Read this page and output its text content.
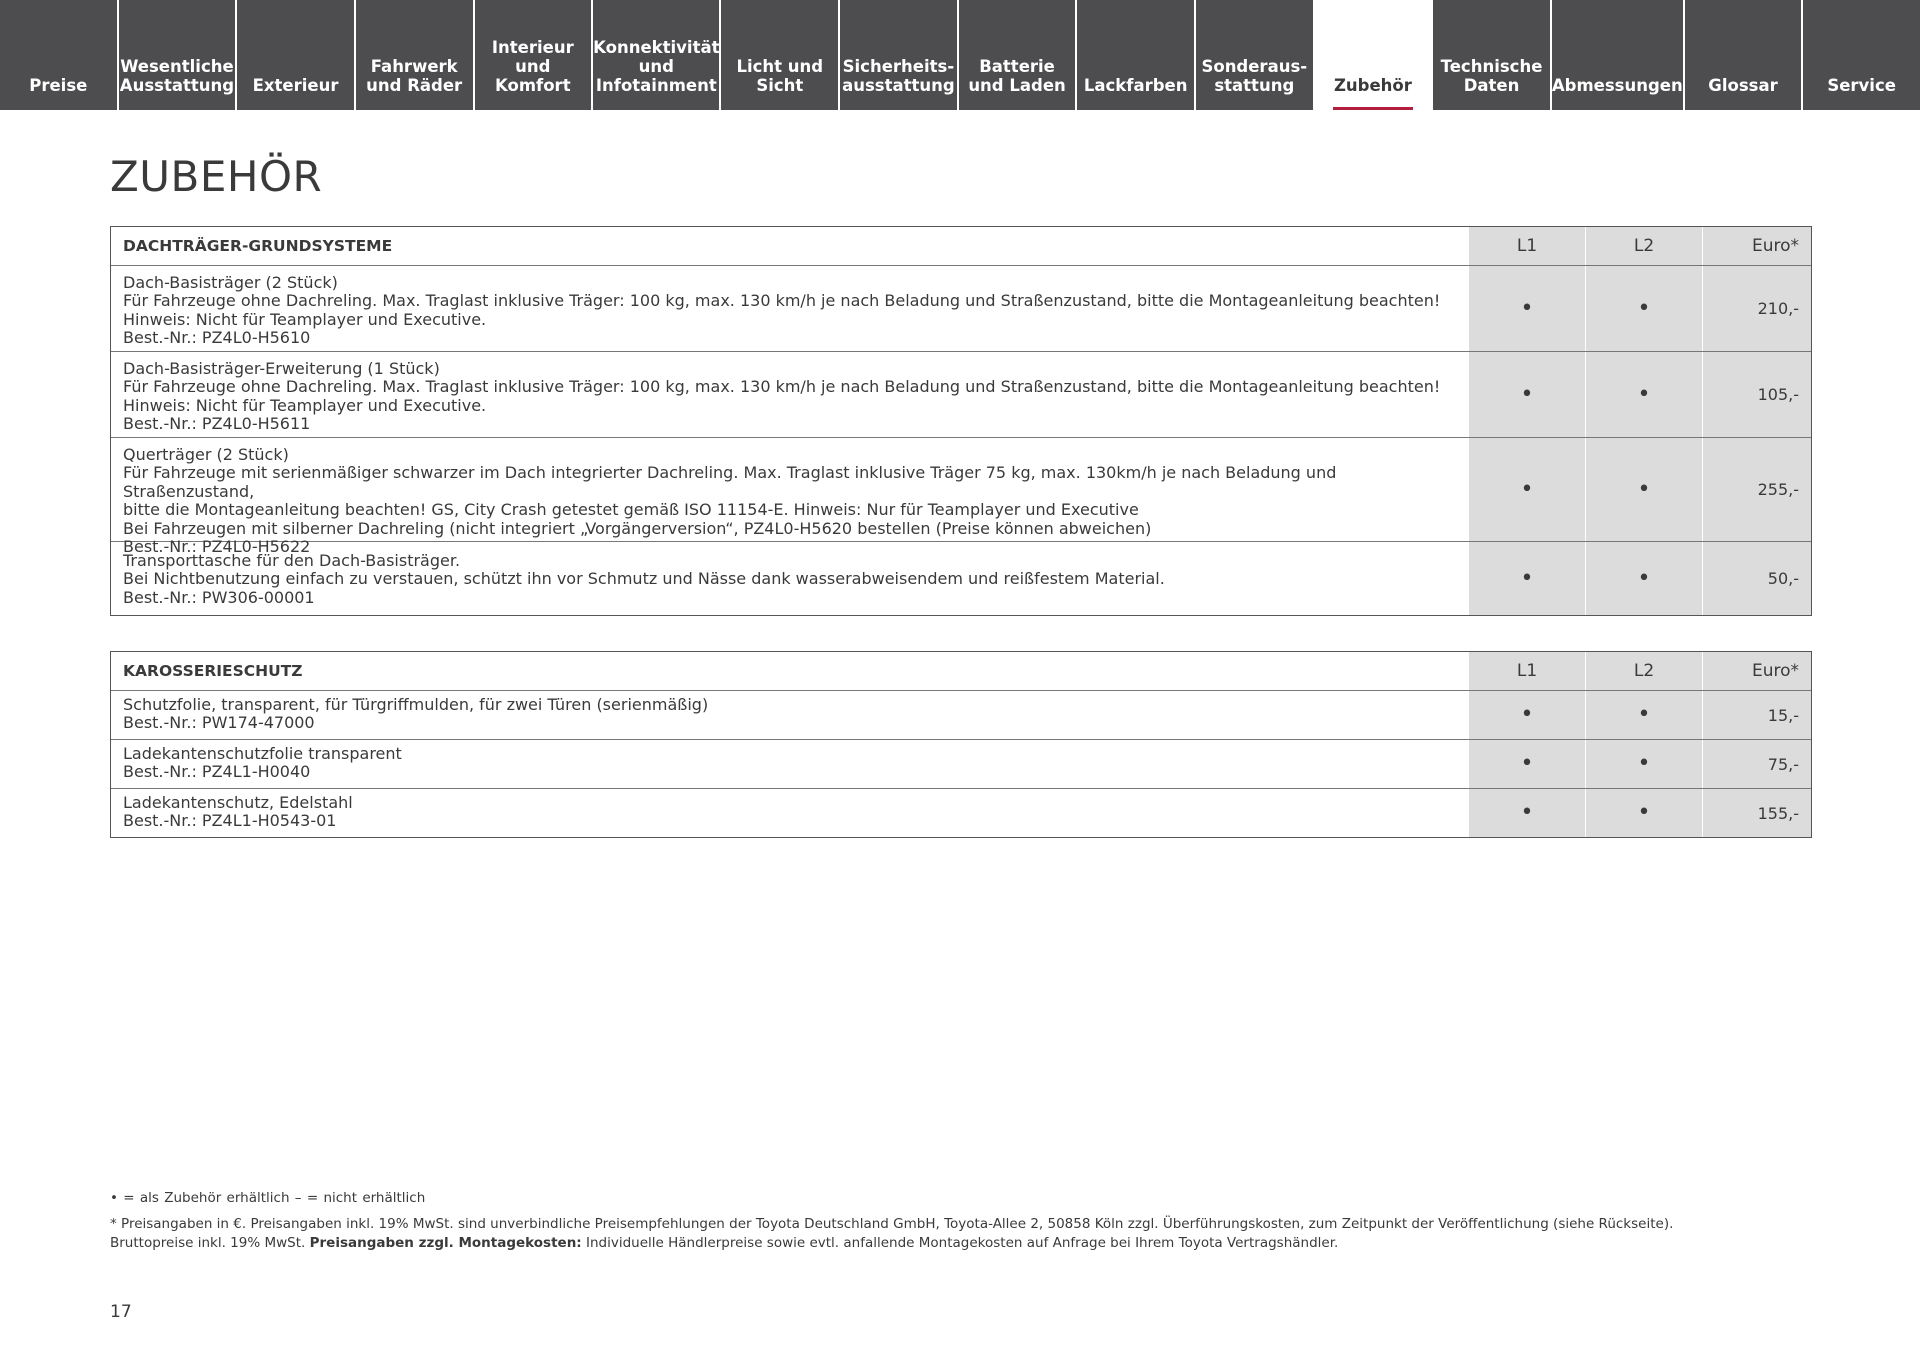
Preise
Wesentliche
Ausstattung	Exterieur
Fahrwerk
und Räder
Interieur und
Komfort
Konnektivität
und
Infotainment
Licht und Sicht
Sicherheits-
ausstattung
Batterie
und Laden	Lackfarben
Sonderaus-
stattung	Zubehör
Technische
Daten	Abmessungen	Glossar	Service
ZUBEHÖR
DACHTRÄGER-GRUNDSYSTEME	L1	L2	Euro*
Dach-Basisträger (2 Stück)
Für Fahrzeuge ohne Dachreling. Max. Traglast inklusive Träger: 100 kg, max. 130 km/h je nach Beladung und Straßenzustand, bitte die Montageanleitung beachten!
Hinweis: Nicht für Teamplayer und Executive.
Best.-Nr.: PZ4L0-H5610
•	•	210,-
Dach-Basisträger-Erweiterung (1 Stück)
Für Fahrzeuge ohne Dachreling. Max. Traglast inklusive Träger: 100 kg, max. 130 km/h je nach Beladung und Straßenzustand, bitte die Montageanleitung beachten!
Hinweis: Nicht für Teamplayer und Executive.
Best.-Nr.: PZ4L0-H5611
•	•	105,-
Querträger (2 Stück)
Für Fahrzeuge mit serienmäßiger schwarzer im Dach integrierter Dachreling. Max. Traglast inklusive Träger 75 kg, max. 130km/h je nach Beladung und Straßenzustand,
bitte die Montageanleitung beachten! GS, City Crash getestet gemäß ISO 11154-E. Hinweis: Nur für Teamplayer und Executive
Bei Fahrzeugen mit silberner Dachreling (nicht integriert „Vorgängerversion“, PZ4L0-H5620 bestellen (Preise können abweichen)
Best.-Nr.: PZ4L0-H5622
•	•	255,-
Transporttasche für den Dach-Basisträger.
Bei Nichtbenutzung einfach zu verstauen, schützt ihn vor Schmutz und Nässe dank wasserabweisendem und reißfestem Material.
Best.-Nr.: PW306-00001
•	•	50,-
KAROSSERIESCHUTZ	L1	L2	Euro*
Schutzfolie, transparent, für Türgriffmulden, für zwei Türen (serienmäßig)
Best.-Nr.: PW174-47000	•	•	15,-
Ladekantenschutzfolie transparent
Best.-Nr.: PZ4L1-H0040	•	•	75,-
Ladekantenschutz, Edelstahl
Best.-Nr.: PZ4L1-H0543-01	•	•	155,-
• = als Zubehör erhältlich – = nicht erhältlich
* Preisangaben in €. Preisangaben inkl. 19% MwSt. sind unverbindliche Preisempfehlungen der Toyota Deutschland GmbH, Toyota-Allee 2, 50858 Köln zzgl. Überführungskosten, zum Zeitpunkt der Veröffentlichung (siehe Rückseite).
Bruttopreise inkl. 19% MwSt. Preisangaben zzgl. Montagekosten: Individuelle Händlerpreise sowie evtl. anfallende Montagekosten auf Anfrage bei Ihrem Toyota Vertragshändler.
17
